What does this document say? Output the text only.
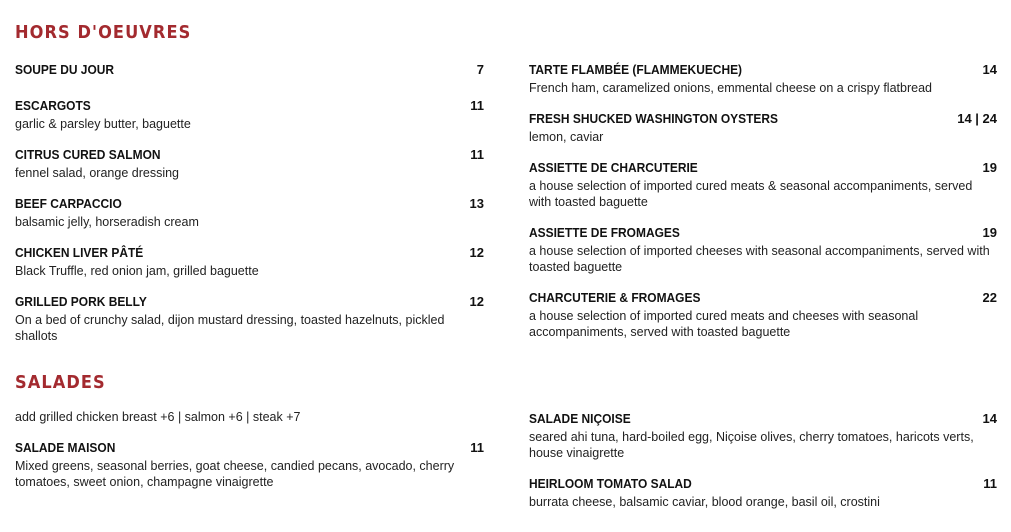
HORS D'OEUVRES
SALADES
add grilled chicken breast +6 | salmon +6 | steak +7
SOUPE DU JOUR	7
ESCARGOTS	11
garlic & parsley butter, baguette
CITRUS CURED SALMON	11
fennel salad, orange dressing
BEEF CARPACCIO	13
balsamic jelly, horseradish cream
CHICKEN LIVER PÂTÉ	12
Black Truffle, red onion jam, grilled baguette
GRILLED PORK BELLY	12
On a bed of crunchy salad, dijon mustard dressing, toasted hazelnuts, pickled shallots
TARTE FLAMBÉE (FLAMMEKUECHE)	14
French ham, caramelized onions, emmental cheese on a crispy flatbread
FRESH SHUCKED WASHINGTON OYSTERS	14 | 24
lemon, caviar
ASSIETTE DE CHARCUTERIE	19
a house selection of imported cured meats & seasonal accompaniments, served with toasted baguette
ASSIETTE DE FROMAGES	19
a house selection of imported cheeses with seasonal accompaniments, served with toasted baguette
CHARCUTERIE & FROMAGES	22
a house selection of imported cured meats and cheeses with seasonal accompaniments, served with toasted baguette
SALADE MAISON	11
Mixed greens, seasonal berries, goat cheese, candied pecans, avocado, cherry tomatoes, sweet onion, champagne vinaigrette
SALADE NIÇOISE	14
seared ahi tuna, hard-boiled egg, Niçoise olives, cherry tomatoes, haricots verts, house vinaigrette
HEIRLOOM TOMATO SALAD	11
burrata cheese, balsamic caviar, blood orange, basil oil, crostini
